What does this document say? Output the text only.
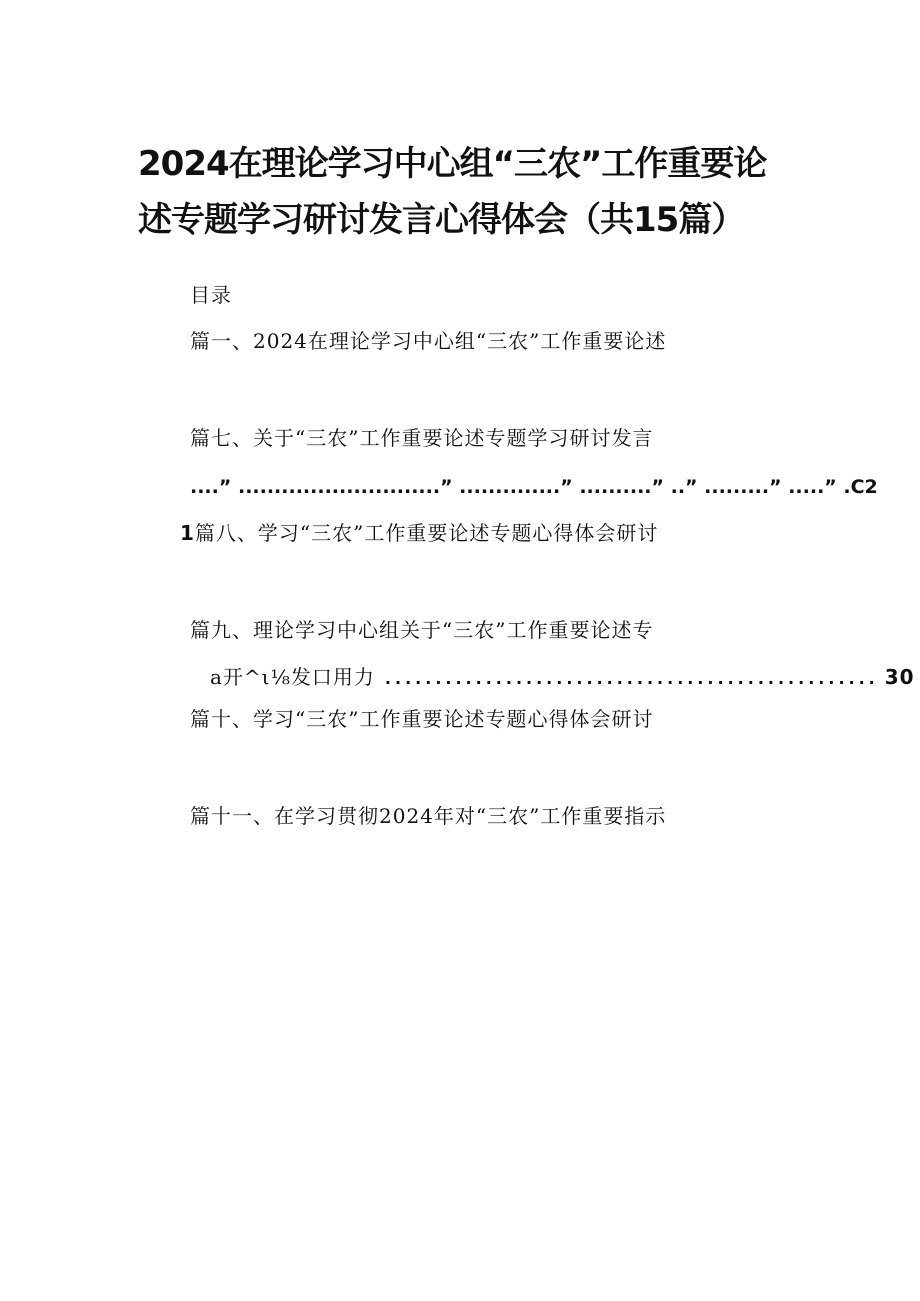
2024在理论学习中心组“三农”工作重要论
述专题学习研讨发言心得体会（共15篇）
目录
篇一、2024在理论学习中心组“三农”工作重要论述
篇七、关于“三农”工作重要论述专题学习研讨发言
....” ............................” ..............” ..........” ..” .........” .....” .C2
1篇八、学习“三农”工作重要论述专题心得体会研讨
篇九、理论学习中心组关于“三农”工作重要论述专
a开^ι⅛发口用力 ................................................. 30
篇十、学习“三农”工作重要论述专题心得体会研讨
篇十一、在学习贯彻2024年对“三农”工作重要指示
